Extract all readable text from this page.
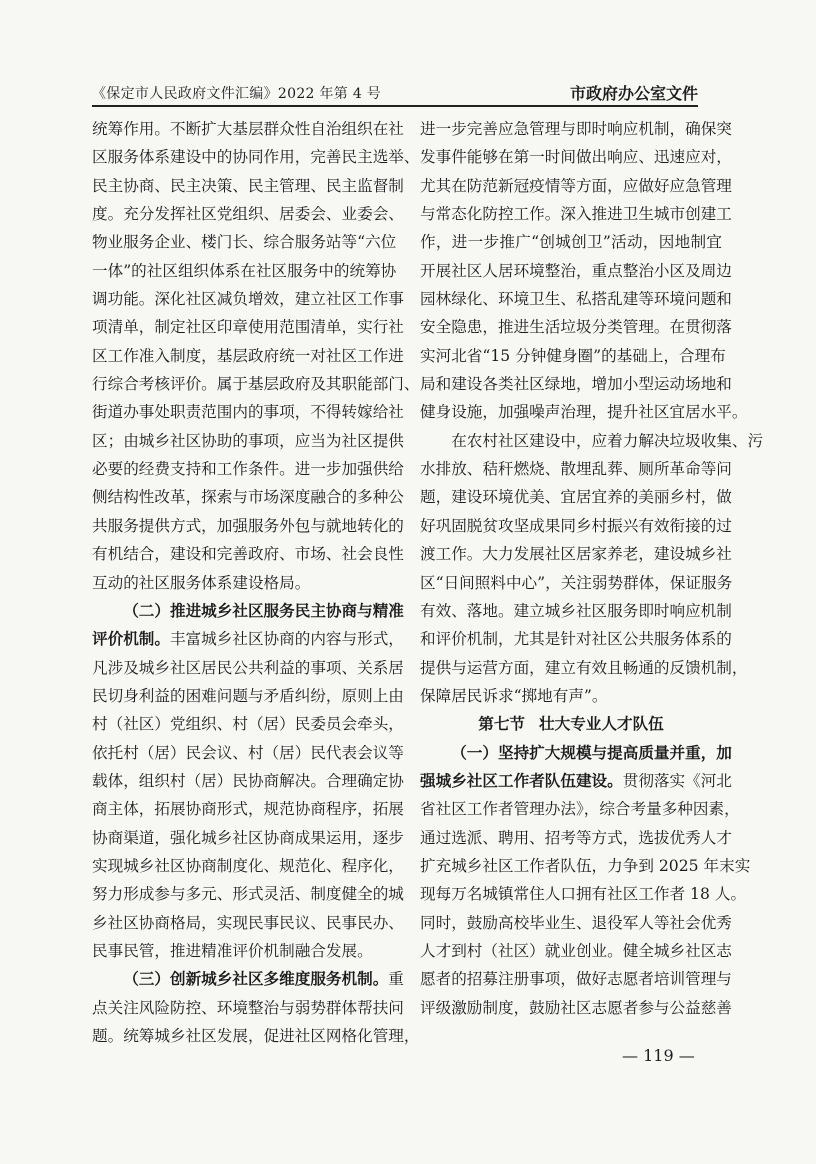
《保定市人民政府文件汇编》2022 年第 4 号	市政府办公室文件

统筹作用。不断扩大基层群众性自治组织在社
区服务体系建设中的协同作用，完善民主选举、
民主协商、民主决策、民主管理、民主监督制
度。充分发挥社区党组织、居委会、业委会、
物业服务企业、楼门长、综合服务站等“六位
一体”的社区组织体系在社区服务中的统筹协
调功能。深化社区减负增效，建立社区工作事
项清单，制定社区印章使用范围清单，实行社
区工作准入制度，基层政府统一对社区工作进
行综合考核评价。属于基层政府及其职能部门、
街道办事处职责范围内的事项，不得转嫁给社
区；由城乡社区协助的事项，应当为社区提供
必要的经费支持和工作条件。进一步加强供给
侧结构性改革，探索与市场深度融合的多种公
共服务提供方式，加强服务外包与就地转化的
有机结合，建设和完善政府、市场、社会良性
互动的社区服务体系建设格局。

（二）推进城乡社区服务民主协商与精准
评价机制。丰富城乡社区协商的内容与形式，
凡涉及城乡社区居民公共利益的事项、关系居
民切身利益的困难问题与矛盾纠纷，原则上由
村（社区）党组织、村（居）民委员会牵头，
依托村（居）民会议、村（居）民代表会议等
载体，组织村（居）民协商解决。合理确定协
商主体，拓展协商形式，规范协商程序，拓展
协商渠道，强化城乡社区协商成果运用，逐步
实现城乡社区协商制度化、规范化、程序化，
努力形成参与多元、形式灵活、制度健全的城
乡社区协商格局，实现民事民议、民事民办、
民事民管，推进精准评价机制融合发展。

（三）创新城乡社区多维度服务机制。重
点关注风险防控、环境整治与弱势群体帮扶问
题。统筹城乡社区发展，促进社区网格化管理，

进一步完善应急管理与即时响应机制，确保突
发事件能够在第一时间做出响应、迅速应对，
尤其在防范新冠疫情等方面，应做好应急管理
与常态化防控工作。深入推进卫生城市创建工
作，进一步推广“创城创卫”活动，因地制宜
开展社区人居环境整治，重点整治小区及周边
园林绿化、环境卫生、私搭乱建等环境问题和
安全隐患，推进生活垃圾分类管理。在贯彻落
实河北省“15 分钟健身圈”的基础上，合理布
局和建设各类社区绿地，增加小型运动场地和
健身设施，加强噪声治理，提升社区宜居水平。

在农村社区建设中，应着力解决垃圾收集、污
水排放、秸秆燃烧、散埋乱葬、厕所革命等问
题，建设环境优美、宜居宜养的美丽乡村，做
好巩固脱贫攻坚成果同乡村振兴有效衔接的过
渡工作。大力发展社区居家养老，建设城乡社
区“日间照料中心”，关注弱势群体，保证服务
有效、落地。建立城乡社区服务即时响应机制
和评价机制，尤其是针对社区公共服务体系的
提供与运营方面，建立有效且畅通的反馈机制，
保障居民诉求“掷地有声”。

第七节 壮大专业人才队伍

（一）坚持扩大规模与提高质量并重，加
强城乡社区工作者队伍建设。贯彻落实《河北
省社区工作者管理办法》，综合考量多种因素，
通过选派、聘用、招考等方式，选拔优秀人才
扩充城乡社区工作者队伍，力争到 2025 年末实
现每万名城镇常住人口拥有社区工作者 18 人。
同时，鼓励高校毕业生、退役军人等社会优秀
人才到村（社区）就业创业。健全城乡社区志
愿者的招募注册事项，做好志愿者培训管理与
评级激励制度，鼓励社区志愿者参与公益慈善

— 119 —
